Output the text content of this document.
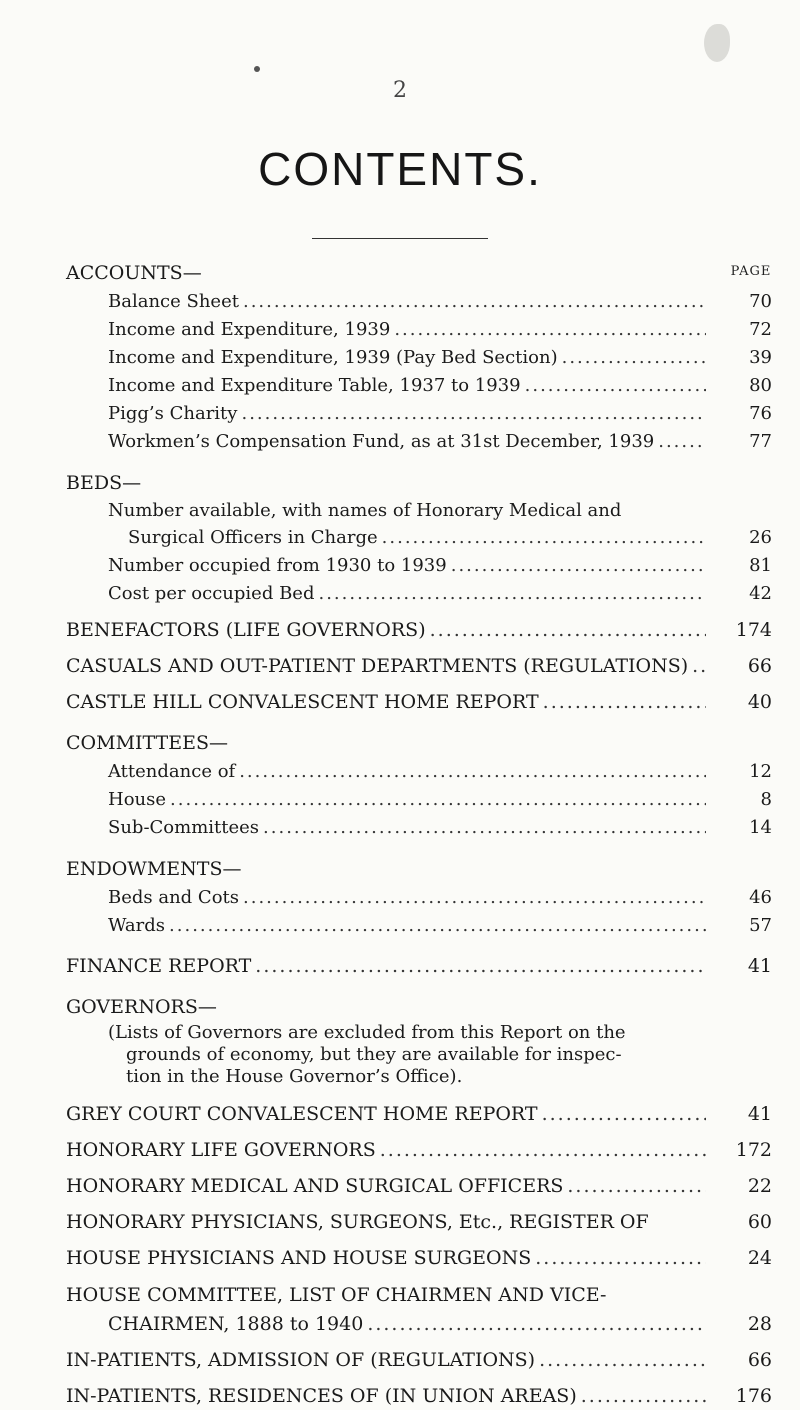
2
CONTENTS.
PAGE
ACCOUNTS—
Balance Sheet .....	70
Income and Expenditure, 1939 .....	72
Income and Expenditure, 1939 (Pay Bed Section) .....	39
Income and Expenditure Table, 1937 to 1939 .....	80
Pigg’s Charity .....	76
Workmen’s Compensation Fund, as at 31st December, 1939 .....	77
BEDS—
Number available, with names of Honorary Medical and
Surgical Officers in Charge .....	26
Number occupied from 1930 to 1939 .....	81
Cost per occupied Bed .....	42
BENEFACTORS (LIFE GOVERNORS) .....	174
CASUALS AND OUT-PATIENT DEPARTMENTS (REGULATIONS) .....	66
CASTLE HILL CONVALESCENT HOME REPORT .....	40
COMMITTEES—
Attendance of .....	12
House .....	8
Sub-Committees .....	14
ENDOWMENTS—
Beds and Cots .....	46
Wards .....	57
FINANCE REPORT .....	41
GOVERNORS—
(Lists of Governors are excluded from this Report on the
grounds of economy, but they are available for inspec-
tion in the House Governor’s Office).
GREY COURT CONVALESCENT HOME REPORT .....	41
HONORARY LIFE GOVERNORS .....	172
HONORARY MEDICAL AND SURGICAL OFFICERS .....	22
HONORARY PHYSICIANS, SURGEONS, Etc., REGISTER OF	60
HOUSE PHYSICIANS AND HOUSE SURGEONS .....	24
HOUSE COMMITTEE, LIST OF CHAIRMEN AND VICE-
CHAIRMEN, 1888 to 1940 .....	28
IN-PATIENTS, ADMISSION OF (REGULATIONS) .....	66
IN-PATIENTS, RESIDENCES OF (IN UNION AREAS) .....	176
